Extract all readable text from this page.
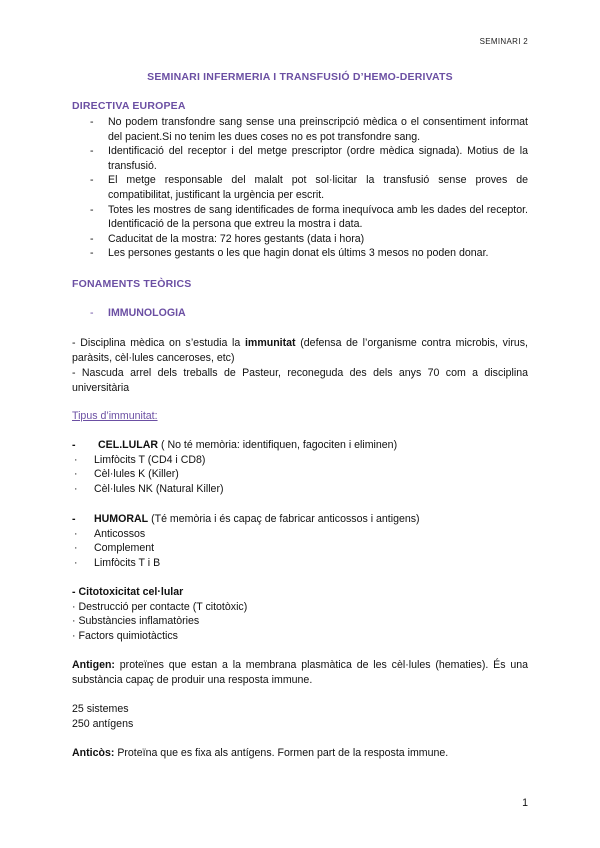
SEMINARI 2
SEMINARI INFERMERIA I TRANSFUSIÓ D’HEMO-DERIVATS
DIRECTIVA EUROPEA
- No podem transfondre sang sense una preinscripció mèdica o el consentiment informat del pacient.Si no tenim les dues coses no es pot transfondre sang.
- Identificació del receptor i del metge prescriptor (ordre mèdica signada). Motius de la transfusió.
- El metge responsable del malalt pot sol·licitar la transfusió sense proves de compatibilitat, justificant la urgència per escrit.
- Totes les mostres de sang identificades de forma inequívoca amb les dades del receptor. Identificació de la persona que extreu la mostra i data.
- Caducitat de la mostra: 72 hores gestants (data i hora)
- Les persones gestants o les que hagin donat els últims 3 mesos no poden donar.
FONAMENTS TEÒRICS
- IMMUNOLOGIA
- Disciplina mèdica on s’estudia la immunitat (defensa de l’organisme contra microbis, virus, paràsits, cèl·lules canceroses, etc)
- Nascuda arrel dels treballs de Pasteur, reconeguda des dels anys 70 com a disciplina universitària
Tipus d’immunitat:
- CEL.LULAR ( No té memòria: identifiquen, fagociten i eliminen)
· Limfòcits T (CD4 i CD8)
· Cèl·lules K (Killer)
· Cèl·lules NK (Natural Killer)
- HUMORAL (Té memòria i és capaç de fabricar anticossos i antigens)
· Anticossos
· Complement
· Limfòcits T i B
- Citotoxicitat cel·lular
· Destrucció per contacte (T citotòxic)
· Substàncies inflamatòries
· Factors quimiotàctics
Antigen: proteïnes que estan a la membrana plasmàtica de les cèl·lules (hematies). És una substància capaç de produir una resposta immune.
25 sistemes
250 antígens
Anticòs: Proteïna que es fixa als antígens. Formen part de la resposta immune.
1
